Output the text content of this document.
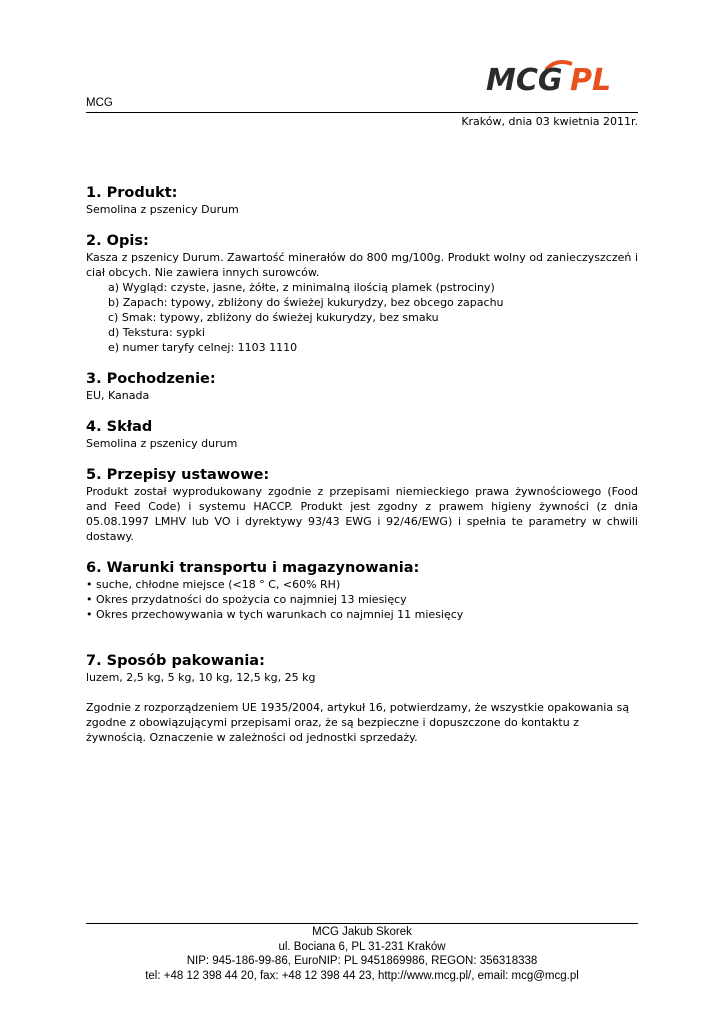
MCG PL
MCG
Kraków, dnia 03 kwietnia 2011r.
1. Produkt:

Semolina z pszenicy Durum

2. Opis:

Kasza z pszenicy Durum. Zawartość minerałów do 800 mg/100g. Produkt wolny od zanieczyszczeń i ciał obcych. Nie zawiera innych surowców.

a) Wygląd: czyste, jasne, żółte, z minimalną ilością plamek (pstrociny)

b) Zapach: typowy, zbliżony do świeżej kukurydzy, bez obcego zapachu

c) Smak: typowy, zbliżony do świeżej kukurydzy, bez smaku

d) Tekstura: sypki

e) numer taryfy celnej: 1103 1110

3. Pochodzenie:

EU, Kanada

4. Skład

Semolina z pszenicy durum

5. Przepisy ustawowe:

Produkt został wyprodukowany zgodnie z przepisami niemieckiego prawa żywnościowego (Food and Feed Code) i systemu HACCP. Produkt jest zgodny z prawem higieny żywności (z dnia 05.08.1997 LMHV lub VO i dyrektywy 93/43 EWG i 92/46/EWG) i spełnia te parametry w chwili dostawy.

6. Warunki transportu i magazynowania:

• suche, chłodne miejsce (<18 ° C, <60% RH)

• Okres przydatności do spożycia co najmniej 13 miesięcy

• Okres przechowywania w tych warunkach co najmniej 11 miesięcy

7. Sposób pakowania:

luzem, 2,5 kg, 5 kg, 10 kg, 12,5 kg, 25 kg

Zgodnie z rozporządzeniem UE 1935/2004, artykuł 16, potwierdzamy, że wszystkie opakowania są zgodne z obowiązującymi przepisami oraz, że są bezpieczne i dopuszczone do kontaktu z żywnością. Oznaczenie w zależności od jednostki sprzedaży.

MCG Jakub Skorek
ul. Bociana 6, PL 31-231 Kraków
NIP: 945-186-99-86, EuroNIP: PL 9451869986, REGON: 356318338
tel: +48 12 398 44 20, fax: +48 12 398 44 23, http://www.mcg.pl/, email: mcg@mcg.pl
